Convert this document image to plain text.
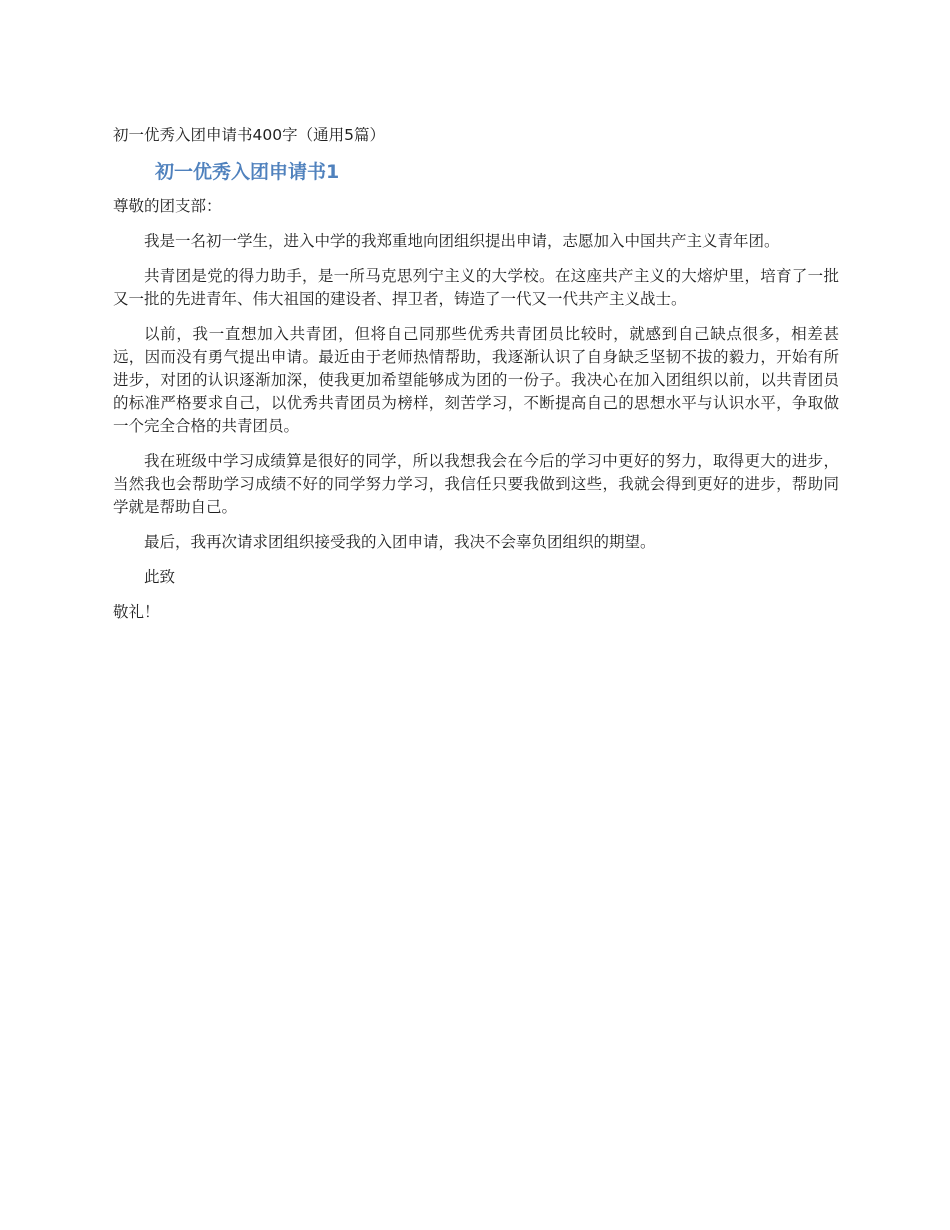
初一优秀入团申请书400字（通用5篇）
初一优秀入团申请书1

尊敬的团支部：

我是一名初一学生，进入中学的我郑重地向团组织提出申请，志愿加入中国共产主义青年团。

共青团是党的得力助手，是一所马克思列宁主义的大学校。在这座共产主义的大熔炉里，培育了一批又一批的先进青年、伟大祖国的建设者、捍卫者，铸造了一代又一代共产主义战士。

以前，我一直想加入共青团，但将自己同那些优秀共青团员比较时，就感到自己缺点很多，相差甚远，因而没有勇气提出申请。最近由于老师热情帮助，我逐渐认识了自身缺乏坚韧不拔的毅力，开始有所进步，对团的认识逐渐加深，使我更加希望能够成为团的一份子。我决心在加入团组织以前，以共青团员的标准严格要求自己，以优秀共青团员为榜样，刻苦学习，不断提高自己的思想水平与认识水平，争取做一个完全合格的共青团员。

我在班级中学习成绩算是很好的同学，所以我想我会在今后的学习中更好的努力，取得更大的进步，当然我也会帮助学习成绩不好的同学努力学习，我信任只要我做到这些，我就会得到更好的进步，帮助同学就是帮助自己。

最后，我再次请求团组织接受我的入团申请，我决不会辜负团组织的期望。

此致

敬礼！
